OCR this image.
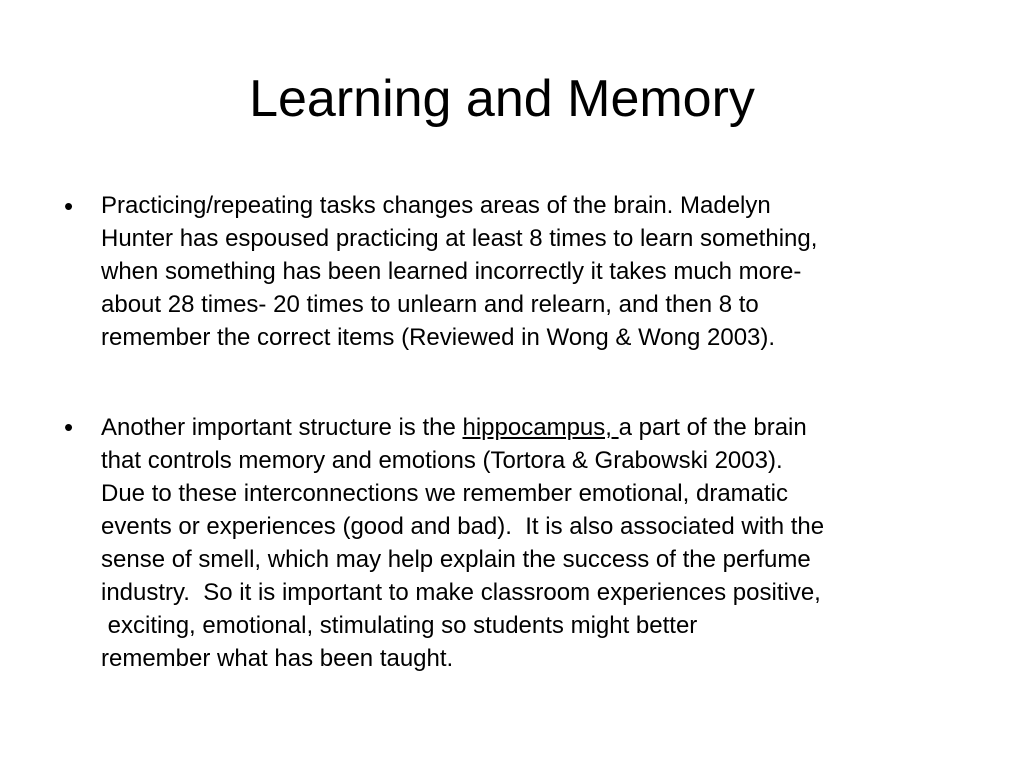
Learning and Memory
• Practicing/repeating tasks changes areas of the brain. Madelyn
Hunter has espoused practicing at least 8 times to learn something,
when something has been learned incorrectly it takes much more-
about 28 times- 20 times to unlearn and relearn, and then 8 to
remember the correct items (Reviewed in Wong & Wong 2003).
• Another important structure is the hippocampus, a part of the brain
that controls memory and emotions (Tortora & Grabowski 2003).
Due to these interconnections we remember emotional, dramatic
events or experiences (good and bad).  It is also associated with the
sense of smell, which may help explain the success of the perfume
industry.  So it is important to make classroom experiences positive,
exciting, emotional, stimulating so students might better
remember what has been taught.
